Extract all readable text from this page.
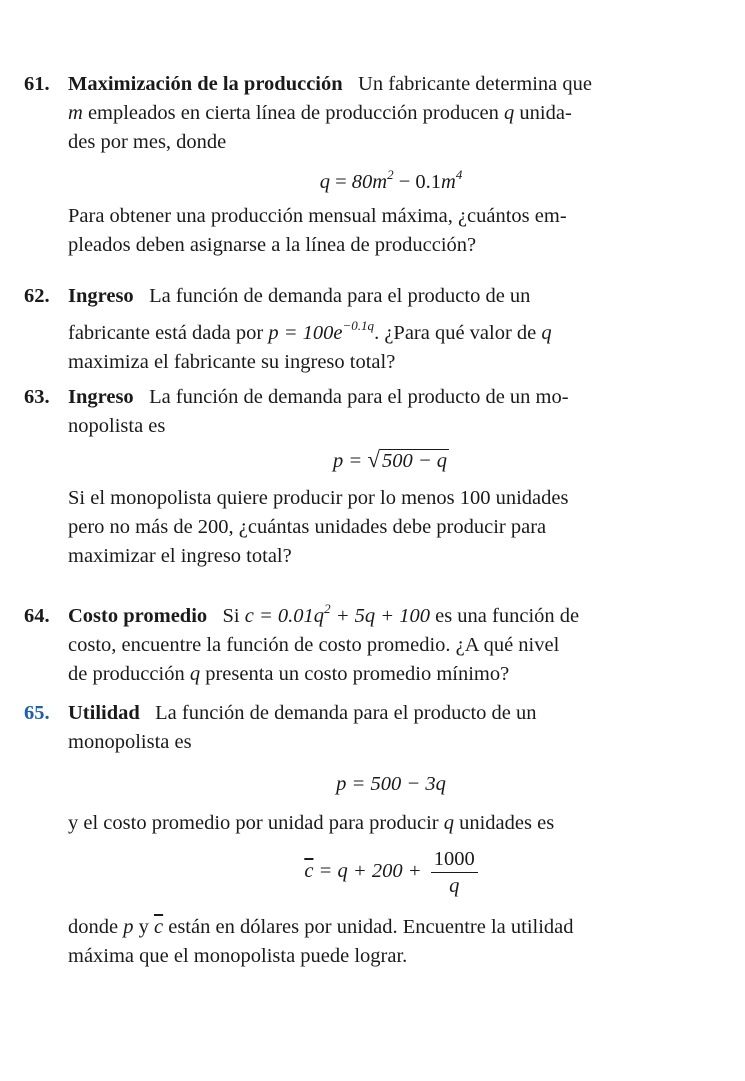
61. Maximización de la producción Un fabricante determina que
m empleados en cierta línea de producción producen q unida-
des por mes, donde
$q = 80m^2 - 0.1m^4$
Para obtener una producción mensual máxima, ¿cuántos em-
pleados deben asignarse a la línea de producción?
62. Ingreso La función de demanda para el producto de un
fabricante está dada por $p = 100e^{-0.1q}$. ¿Para qué valor de q
maximiza el fabricante su ingreso total?
63. Ingreso La función de demanda para el producto de un mo-
nopolista es
p = √500 − q
Si el monopolista quiere producir por lo menos 100 unidades
pero no más de 200, ¿cuántas unidades debe producir para
maximizar el ingreso total?
64. Costo promedio Si $c = 0.01q^2 + 5q + 100$ es una función de
costo, encuentre la función de costo promedio. ¿A qué nivel
de producción q presenta un costo promedio mínimo?
65. Utilidad La función de demanda para el producto de un
monopolista es
p = 500 − 3q
y el costo promedio por unidad para producir q unidades es
$\overline{c} = q + 200 + \frac{1000}{q}$
donde p y $\overline{c}$ están en dólares por unidad. Encuentre la utilidad
máxima que el monopolista puede lograr.
